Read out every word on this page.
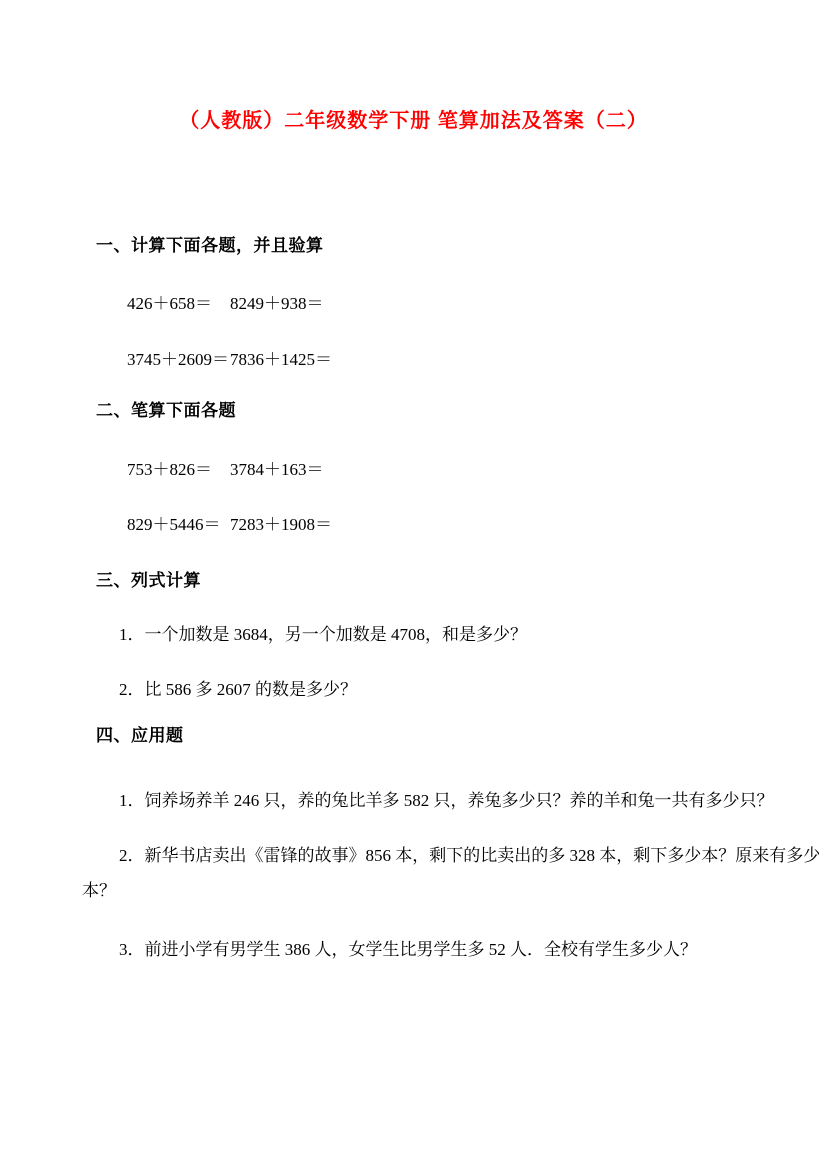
（人教版）二年级数学下册 笔算加法及答案（二）
一、计算下面各题，并且验算
426＋658＝ 8249＋938＝
3745＋2609＝ 7836＋1425＝
二、笔算下面各题
753＋826＝ 3784＋163＝
829＋5446＝ 7283＋1908＝
三、列式计算
1．一个加数是 3684，另一个加数是 4708，和是多少？
2．比 586 多 2607 的数是多少？
四、应用题
1．饲养场养羊 246 只，养的兔比羊多 582 只，养兔多少只？养的羊和兔一共有多少只？
2．新华书店卖出《雷锋的故事》856 本，剩下的比卖出的多 328 本，剩下多少本？原来有多少
本？
3．前进小学有男学生 386 人，女学生比男学生多 52 人．全校有学生多少人？
